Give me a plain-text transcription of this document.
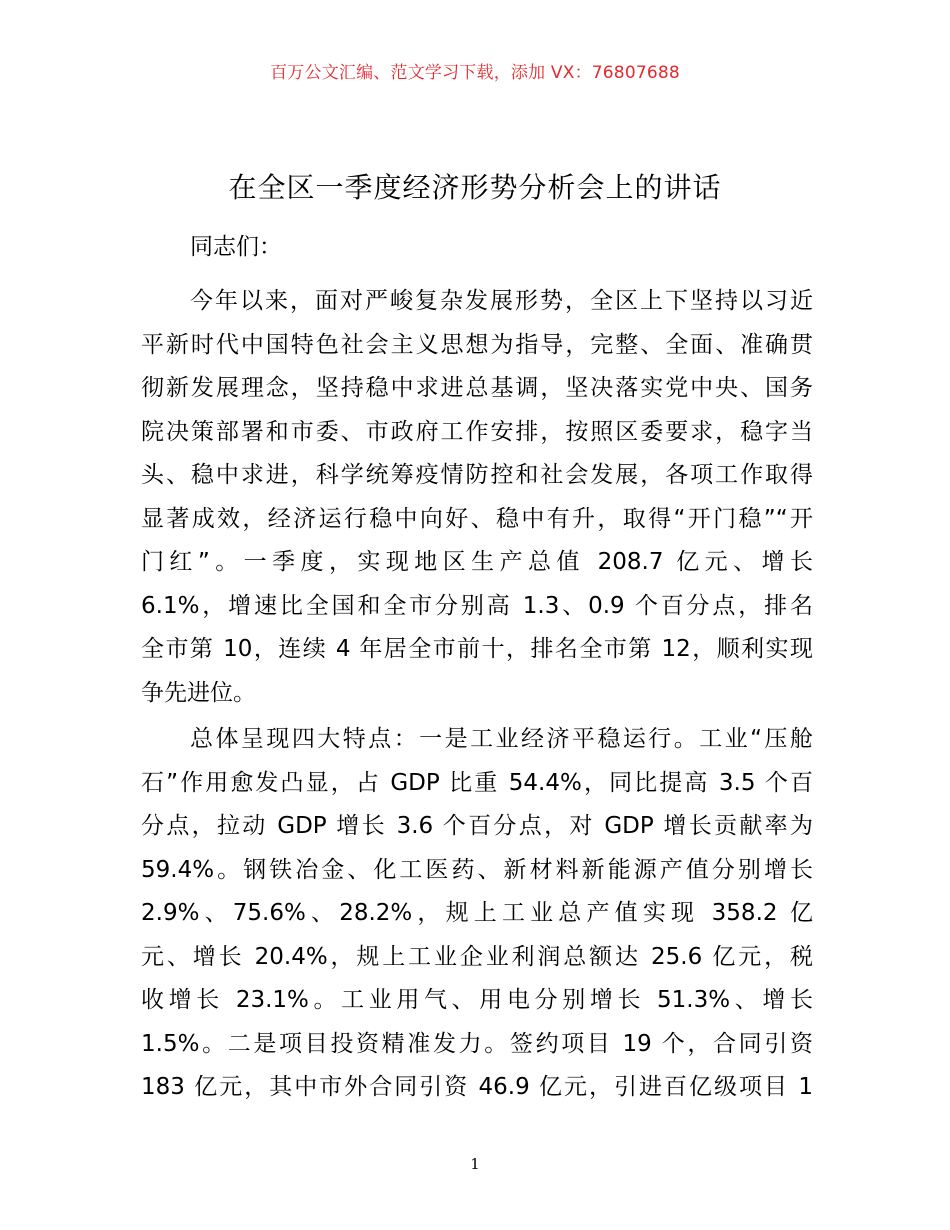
百万公文汇编、范文学习下载，添加 VX：76807688
在全区一季度经济形势分析会上的讲话
同志们：
今年以来，面对严峻复杂发展形势，全区上下坚持以习近
平新时代中国特色社会主义思想为指导，完整、全面、准确贯
彻新发展理念，坚持稳中求进总基调，坚决落实党中央、国务
院决策部署和市委、市政府工作安排，按照区委要求，稳字当
头、稳中求进，科学统筹疫情防控和社会发展，各项工作取得
显著成效，经济运行稳中向好、稳中有升，取得“开门稳”“开
门红”。一季度，实现地区生产总值 208.7 亿元、增长
6.1%，增速比全国和全市分别高 1.3、0.9 个百分点，排名
全市第 10，连续 4 年居全市前十，排名全市第 12，顺利实现
争先进位。
总体呈现四大特点：一是工业经济平稳运行。工业“压舱
石”作用愈发凸显，占 GDP 比重 54.4%，同比提高 3.5 个百
分点，拉动 GDP 增长 3.6 个百分点，对 GDP 增长贡献率为
59.4%。钢铁冶金、化工医药、新材料新能源产值分别增长
2.9%、75.6%、28.2%，规上工业总产值实现 358.2 亿
元、增长 20.4%，规上工业企业利润总额达 25.6 亿元，税
收增长 23.1%。工业用气、用电分别增长 51.3%、增长
1.5%。二是项目投资精准发力。签约项目 19 个，合同引资
183 亿元，其中市外合同引资 46.9 亿元，引进百亿级项目 1
1
